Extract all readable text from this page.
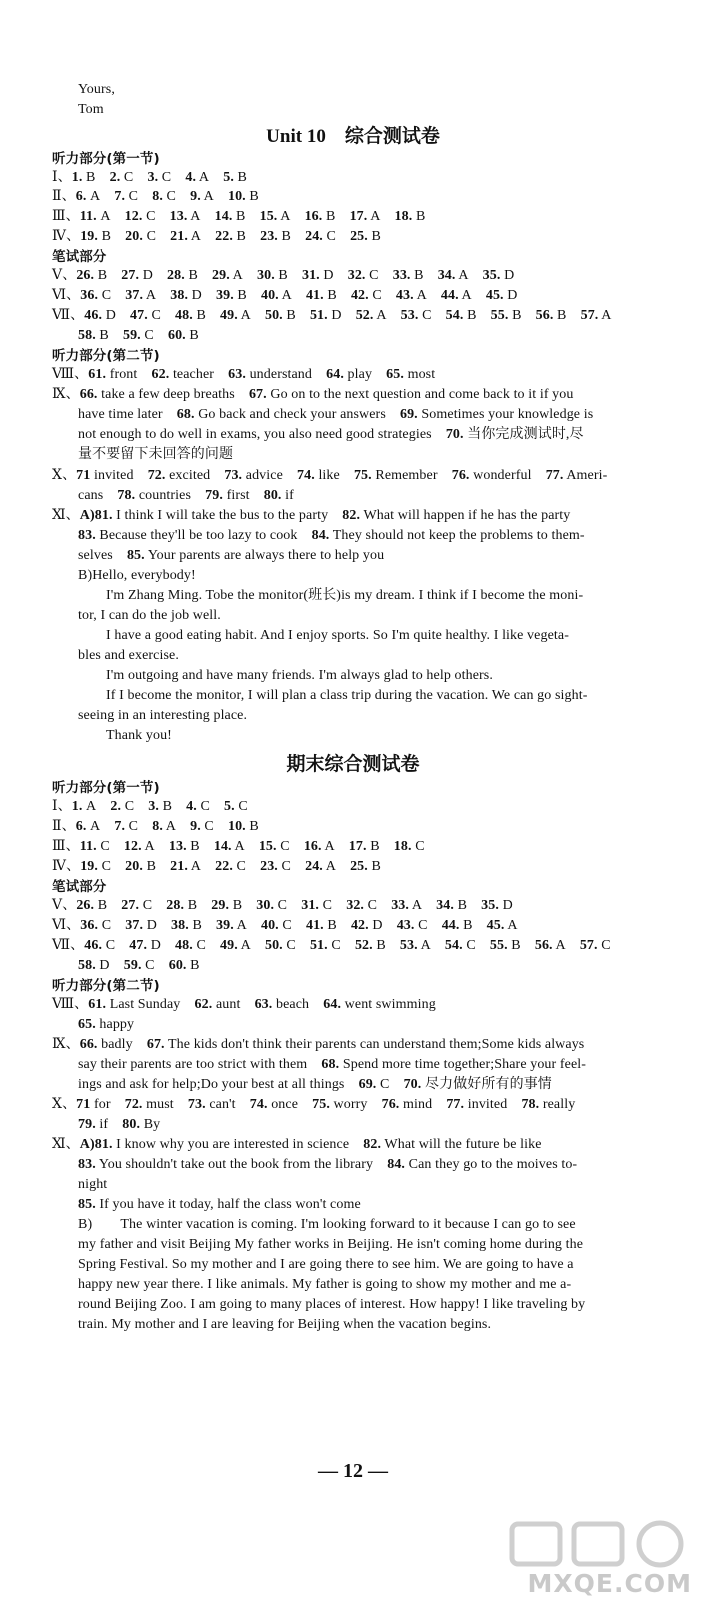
Yours,
Tom
Unit 10　综合测试卷
听力部分(第一节)
Ⅰ、1. B  2. C  3. C  4. A  5. B
Ⅱ、6. A  7. C  8. C  9. A  10. B
Ⅲ、11. A  12. C  13. A  14. B  15. A  16. B  17. A  18. B
Ⅳ、19. B  20. C  21. A  22. B  23. B  24. C  25. B
笔试部分
Ⅴ、26. B  27. D  28. B  29. A  30. B  31. D  32. C  33. B  34. A  35. D
Ⅵ、36. C  37. A  38. D  39. B  40. A  41. B  42. C  43. A  44. A  45. D
Ⅶ、46. D  47. C  48. B  49. A  50. B  51. D  52. A  53. C  54. B  55. B  56. B  57. A
58. B  59. C  60. B
听力部分(第二节)
Ⅷ、61. front  62. teacher  63. understand  64. play  65. most
Ⅸ、66. take a few deep breaths  67. Go on to the next question and come back to it if you
have time later  68. Go back and check your answers  69. Sometimes your knowledge is
not enough to do well in exams, you also need good strategies  70. 当你完成测试时,尽
量不要留下未回答的问题
Ⅹ、71 invited  72. excited  73. advice  74. like  75. Remember  76. wonderful  77. Ameri-
cans  78. countries  79. first  80. if
Ⅺ、A)81. I think I will take the bus to the party  82. What will happen if he has the party
83. Because they'll be too lazy to cook  84. They should not keep the problems to them-
selves  85. Your parents are always there to help you
B)Hello, everybody!
I'm Zhang Ming. Tobe the monitor(班长)is my dream. I think if I become the moni-
tor, I can do the job well.
I have a good eating habit. And I enjoy sports. So I'm quite healthy. I like vegeta-
bles and exercise.
I'm outgoing and have many friends. I'm always glad to help others.
If I become the monitor, I will plan a class trip during the vacation. We can go sight-
seeing in an interesting place.
Thank you!
期末综合测试卷
听力部分(第一节)
Ⅰ、1. A  2. C  3. B  4. C  5. C
Ⅱ、6. A  7. C  8. A  9. C  10. B
Ⅲ、11. C  12. A  13. B  14. A  15. C  16. A  17. B  18. C
Ⅳ、19. C  20. B  21. A  22. C  23. C  24. A  25. B
笔试部分
Ⅴ、26. B  27. C  28. B  29. B  30. C  31. C  32. C  33. A  34. B  35. D
Ⅵ、36. C  37. D  38. B  39. A  40. C  41. B  42. D  43. C  44. B  45. A
Ⅶ、46. C  47. D  48. C  49. A  50. C  51. C  52. B  53. A  54. C  55. B  56. A  57. C
58. D  59. C  60. B
听力部分(第二节)
Ⅷ、61. Last Sunday  62. aunt  63. beach  64. went swimming
65. happy
Ⅸ、66. badly  67. The kids don't think their parents can understand them;Some kids always
say their parents are too strict with them  68. Spend more time together;Share your feel-
ings and ask for help;Do your best at all things  69. C  70. 尽力做好所有的事情
Ⅹ、71 for  72. must  73. can't  74. once  75. worry  76. mind  77. invited  78. really
79. if  80. By
Ⅺ、A)81. I know why you are interested in science  82. What will the future be like
83. You shouldn't take out the book from the library  84. Can they go to the moives to-
night
85. If you have it today, half the class won't come
B)　　The winter vacation is coming. I'm looking forward to it because I can go to see
my father and visit Beijing My father works in Beijing. He isn't coming home during the
Spring Festival. So my mother and I are going there to see him. We are going to have a
happy new year there. I like animals. My father is going to show my mother and me a-
round Beijing Zoo. I am going to many places of interest. How happy! I like traveling by
train. My mother and I are leaving for Beijing when the vacation begins.
— 12 —
MXQE.COM
